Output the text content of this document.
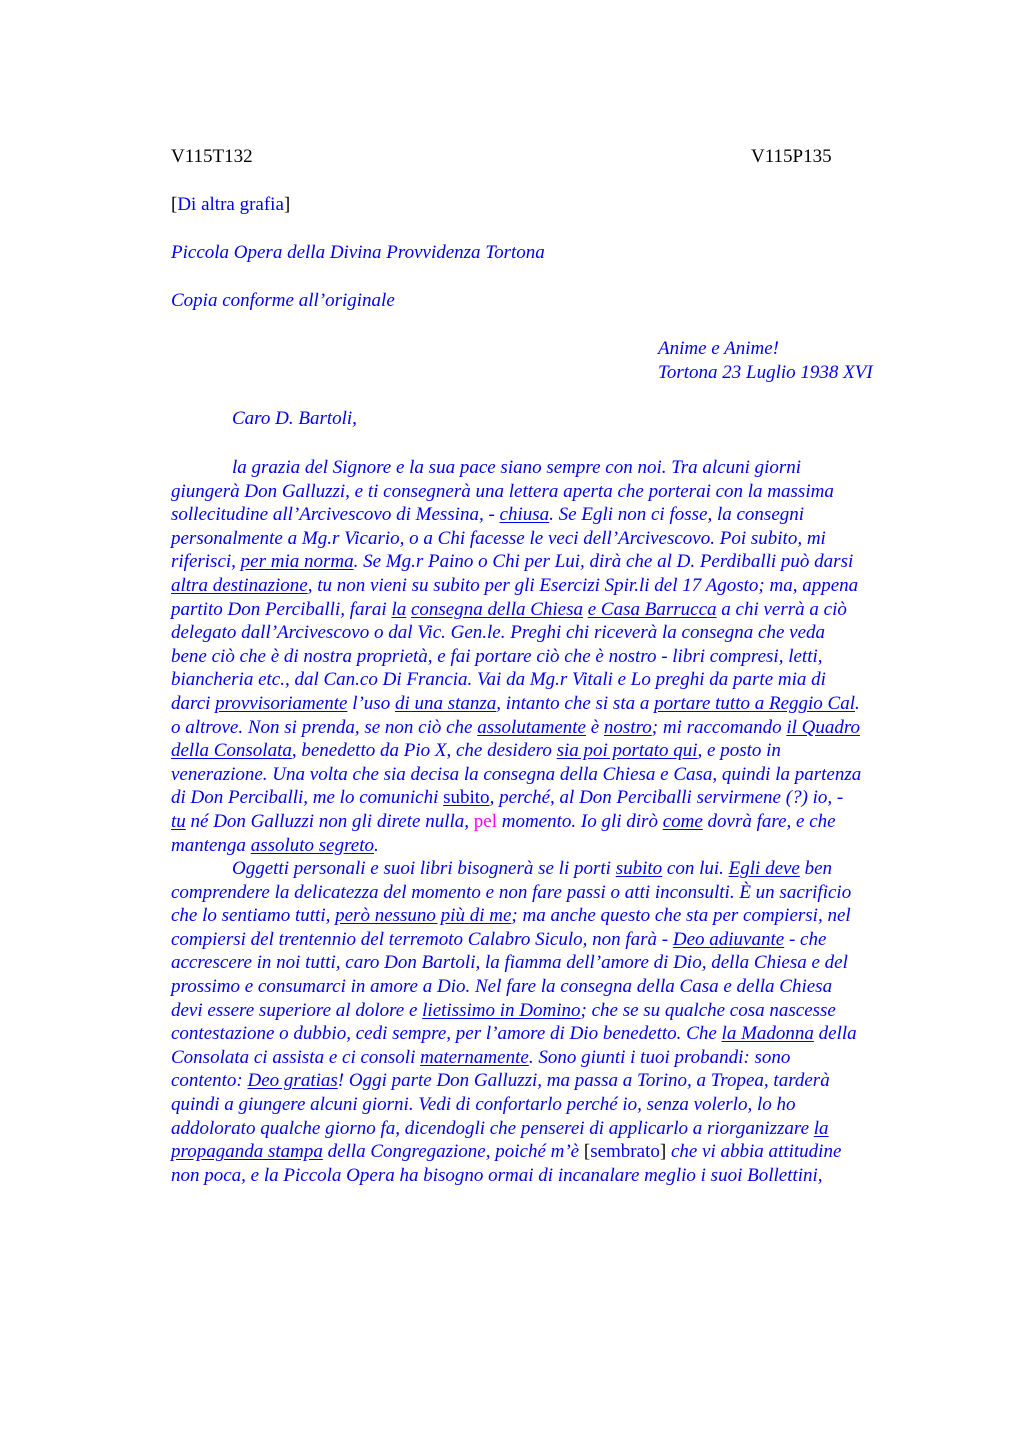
V115T132	V115P135

[Di altra grafia]

Piccola Opera della Divina Provvidenza Tortona

Copia conforme all’originale

Anime e Anime!
Tortona 23 Luglio 1938 XVI

Caro D. Bartoli,

la grazia del Signore e la sua pace siano sempre con noi. Tra alcuni giorni
giungerà Don Galluzzi, e ti consegnerà una lettera aperta che porterai con la massima
sollecitudine all’Arcivescovo di Messina, - chiusa. Se Egli non ci fosse, la consegni
personalmente a Mg.r Vicario, o a Chi facesse le veci dell’Arcivescovo. Poi subito, mi
riferisci, per mia norma. Se Mg.r Paino o Chi per Lui, dirà che al D. Perdiballi può darsi
altra destinazione, tu non vieni su subito per gli Esercizi Spir.li del 17 Agosto; ma, appena
partito Don Perciballi, farai la consegna della Chiesa e Casa Barrucca a chi verrà a ciò
delegato dall’Arcivescovo o dal Vic. Gen.le. Preghi chi riceverà la consegna che veda
bene ciò che è di nostra proprietà, e fai portare ciò che è nostro - libri compresi, letti,
biancheria etc., dal Can.co Di Francia. Vai da Mg.r Vitali e Lo preghi da parte mia di
darci provvisoriamente l’uso di una stanza, intanto che si sta a portare tutto a Reggio Cal.
o altrove. Non si prenda, se non ciò che assolutamente è nostro; mi raccomando il Quadro
della Consolata, benedetto da Pio X, che desidero sia poi portato qui, e posto in
venerazione. Una volta che sia decisa la consegna della Chiesa e Casa, quindi la partenza
di Don Perciballi, me lo comunichi subito, perché, al Don Perciballi servirmene (?) io, -
tu né Don Galluzzi non gli direte nulla, pel momento. Io gli dirò come dovrà fare, e che
mantenga assoluto segreto.
Oggetti personali e suoi libri bisognerà se li porti subito con lui. Egli deve ben
comprendere la delicatezza del momento e non fare passi o atti inconsulti. È un sacrificio
che lo sentiamo tutti, però nessuno più di me; ma anche questo che sta per compiersi, nel
compiersi del trentennio del terremoto Calabro Siculo, non farà - Deo adiuvante - che
accrescere in noi tutti, caro Don Bartoli, la fiamma dell’amore di Dio, della Chiesa e del
prossimo e consumarci in amore a Dio. Nel fare la consegna della Casa e della Chiesa
devi essere superiore al dolore e lietissimo in Domino; che se su qualche cosa nascesse
contestazione o dubbio, cedi sempre, per l’amore di Dio benedetto. Che la Madonna della
Consolata ci assista e ci consoli maternamente. Sono giunti i tuoi probandi: sono
contento: Deo gratias! Oggi parte Don Galluzzi, ma passa a Torino, a Tropea, tarderà
quindi a giungere alcuni giorni. Vedi di confortarlo perché io, senza volerlo, lo ho
addolorato qualche giorno fa, dicendogli che penserei di applicarlo a riorganizzare la
propaganda stampa della Congregazione, poiché m’è [sembrato] che vi abbia attitudine
non poca, e la Piccola Opera ha bisogno ormai di incanalare meglio i suoi Bollettini,
